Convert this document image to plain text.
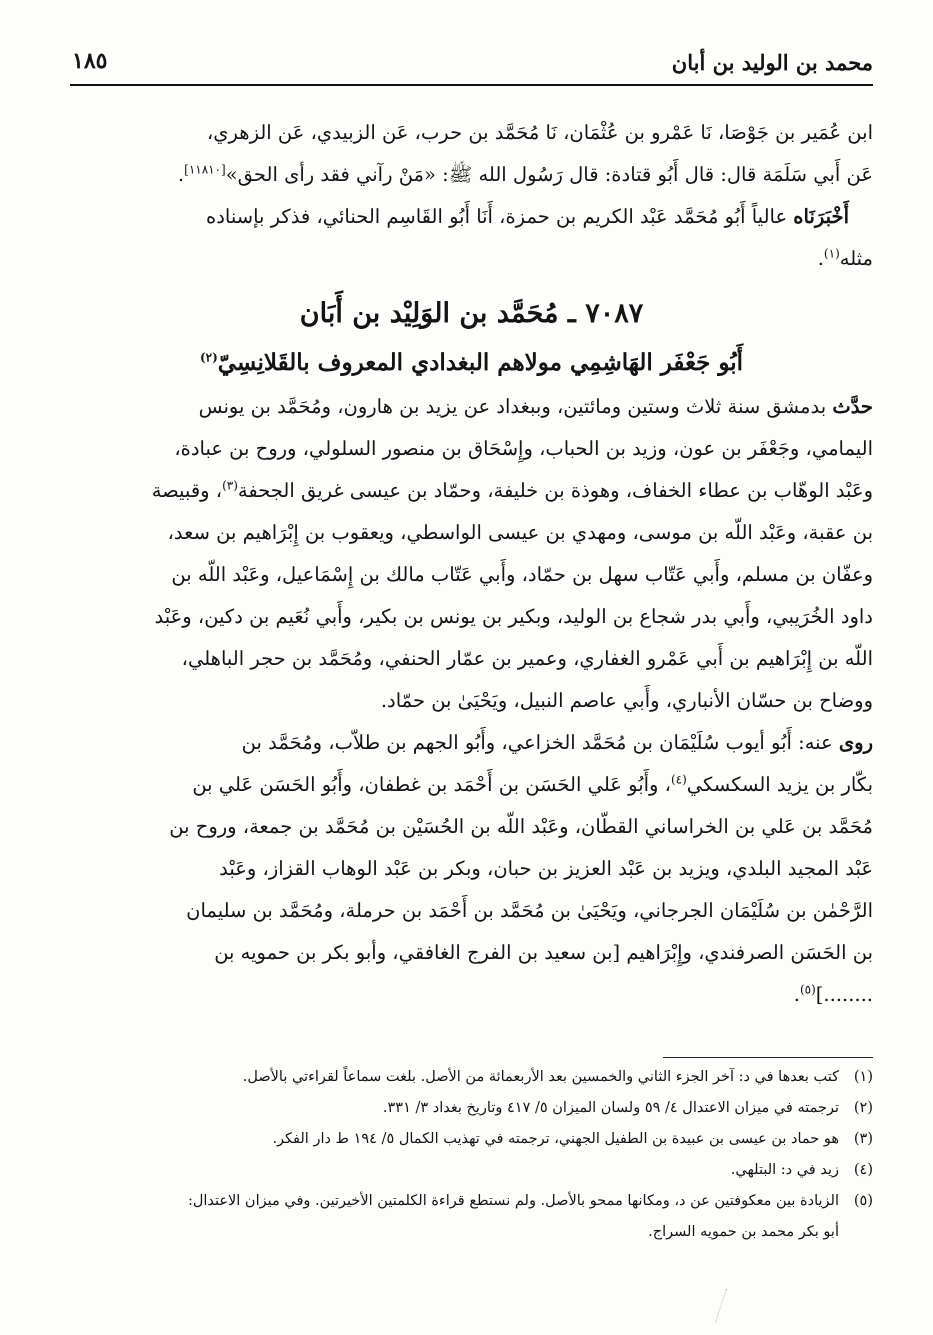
محمد بن الوليد بن أبان
١٨٥
ابن عُمَير بن جَوْصَا، نَا عَمْرو بن عُثْمَان، نَا مُحَمَّد بن حرب، عَن الزبيدي، عَن الزهري،
عَن أَبي سَلَمَة قال: قال أَبُو قتادة: قال رَسُول الله ﷺ: «مَنْ رآني فقد رأى الحق»[١١٨١٠].
أَخْبَرَنَاه عالياً أَبُو مُحَمَّد عَبْد الكريم بن حمزة، أَنَا أَبُو القَاسِم الحنائي، فذكر بإسناده
مثله$^{(١)}$.
٧٠٨٧ ـ مُحَمَّد بن الوَلِيْد بن أَبَان
أَبُو جَعْفَر الهَاشِمِي مولاهم البغدادي المعروف بالقَلانِسِيّ$^{(٢)}$
حدَّث بدمشق سنة ثلاث وستين ومائتين، وببغداد عن يزيد بن هارون، ومُحَمَّد بن يونس
اليمامي، وجَعْفَر بن عون، وزيد بن الحباب، وإِسْحَاق بن منصور السلولي، وروح بن عبادة،
وعَبْد الوهّاب بن عطاء الخفاف، وهوذة بن خليفة، وحمّاد بن عيسى غريق الجحفة$^{(٣)}$، وقبيصة
بن عقبة، وعَبْد اللّه بن موسى، ومهدي بن عيسى الواسطي، ويعقوب بن إِبْرَاهيم بن سعد،
وعفّان بن مسلم، وأَبي عَتّاب سهل بن حمّاد، وأَبي عَتّاب مالك بن إِسْمَاعيل، وعَبْد اللّه بن
داود الخُرَيبي، وأَبي بدر شجاع بن الوليد، وبكير بن يونس بن بكير، وأَبي نُعَيم بن دكين، وعَبْد
اللّه بن إِبْرَاهيم بن أَبي عَمْرو الغفاري، وعمير بن عمّار الحنفي، ومُحَمَّد بن حجر الباهلي،
ووضاح بن حسّان الأنباري، وأَبي عاصم النبيل، ويَحْيَىٰ بن حمّاد.
روى عنه: أَبُو أيوب سُلَيْمَان بن مُحَمَّد الخزاعي، وأَبُو الجهم بن طلاّب، ومُحَمَّد بن
بكّار بن يزيد السكسكي$^{(٤)}$، وأَبُو عَلي الحَسَن بن أَحْمَد بن غطفان، وأَبُو الحَسَن عَلي بن
مُحَمَّد بن عَلي بن الخراساني القطّان، وعَبْد اللّه بن الحُسَيْن بن مُحَمَّد بن جمعة، وروح بن
عَبْد المجيد البلدي، ويزيد بن عَبْد العزيز بن حبان، وبكر بن عَبْد الوهاب القزاز، وعَبْد
الرَّحْمٰن بن سُلَيْمَان الجرجاني، ويَحْيَىٰ بن مُحَمَّد بن أَحْمَد بن حرملة، ومُحَمَّد بن سليمان
بن الحَسَن الصرفندي، وإِبْرَاهيم [بن سعيد بن الفرج الغافقي، وأبو بكر بن حمويه بن
........]$^{(٥)}$.
(١)كتب بعدها في د: آخر الجزء الثاني والخمسين بعد الأربعمائة من الأصل. بلغت سماعاً لقراءتي بالأصل.
(٢)ترجمته في ميزان الاعتدال ٤/ ٥٩ ولسان الميزان ٥/ ٤١٧ وتاريخ بغداد ٣/ ٣٣١.
(٣)هو حماد بن عيسى بن عبيدة بن الطفيل الجهني، ترجمته في تهذيب الكمال ٥/ ١٩٤ ط دار الفكر.
(٤)زيد في د: البتلهي.
(٥)الزيادة بين معكوفتين عن د، ومكانها ممحو بالأصل. ولم نستطع قراءة الكلمتين الأخيرتين. وفي ميزان الاعتدال:
أبو بكر محمد بن حمويه السراج.
